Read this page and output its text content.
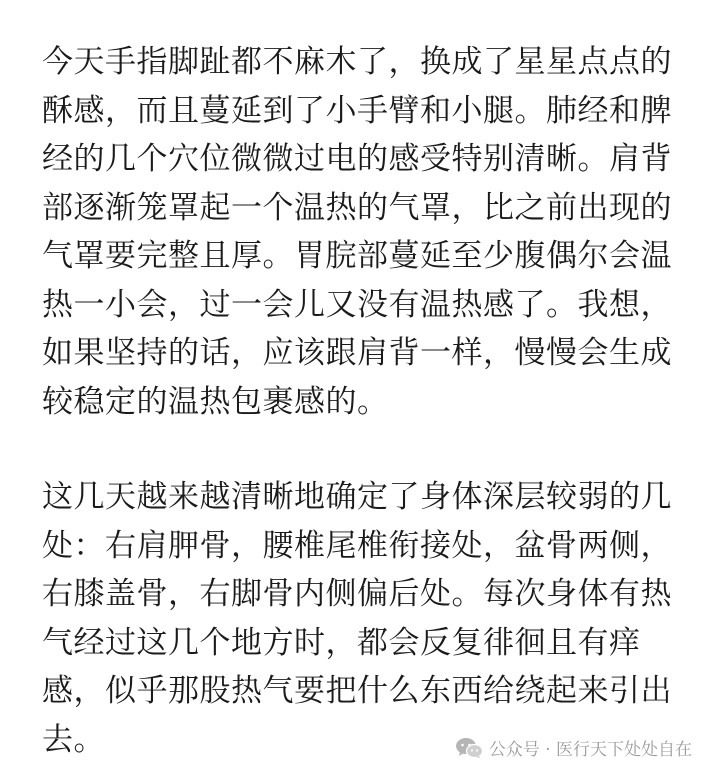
今天手指脚趾都不麻木了，换成了星星点点的
酥感，而且蔓延到了小手臂和小腿。肺经和脾
经的几个穴位微微过电的感受特别清晰。肩背
部逐渐笼罩起一个温热的气罩，比之前出现的
气罩要完整且厚。胃脘部蔓延至少腹偶尔会温
热一小会，过一会儿又没有温热感了。我想，
如果坚持的话，应该跟肩背一样，慢慢会生成
较稳定的温热包裹感的。
这几天越来越清晰地确定了身体深层较弱的几
处：右肩胛骨，腰椎尾椎衔接处，盆骨两侧，
右膝盖骨，右脚骨内侧偏后处。每次身体有热
气经过这几个地方时，都会反复徘徊且有痒
感，似乎那股热气要把什么东西给绕起来引出
去。	公众号 · 医行天下处处自在
